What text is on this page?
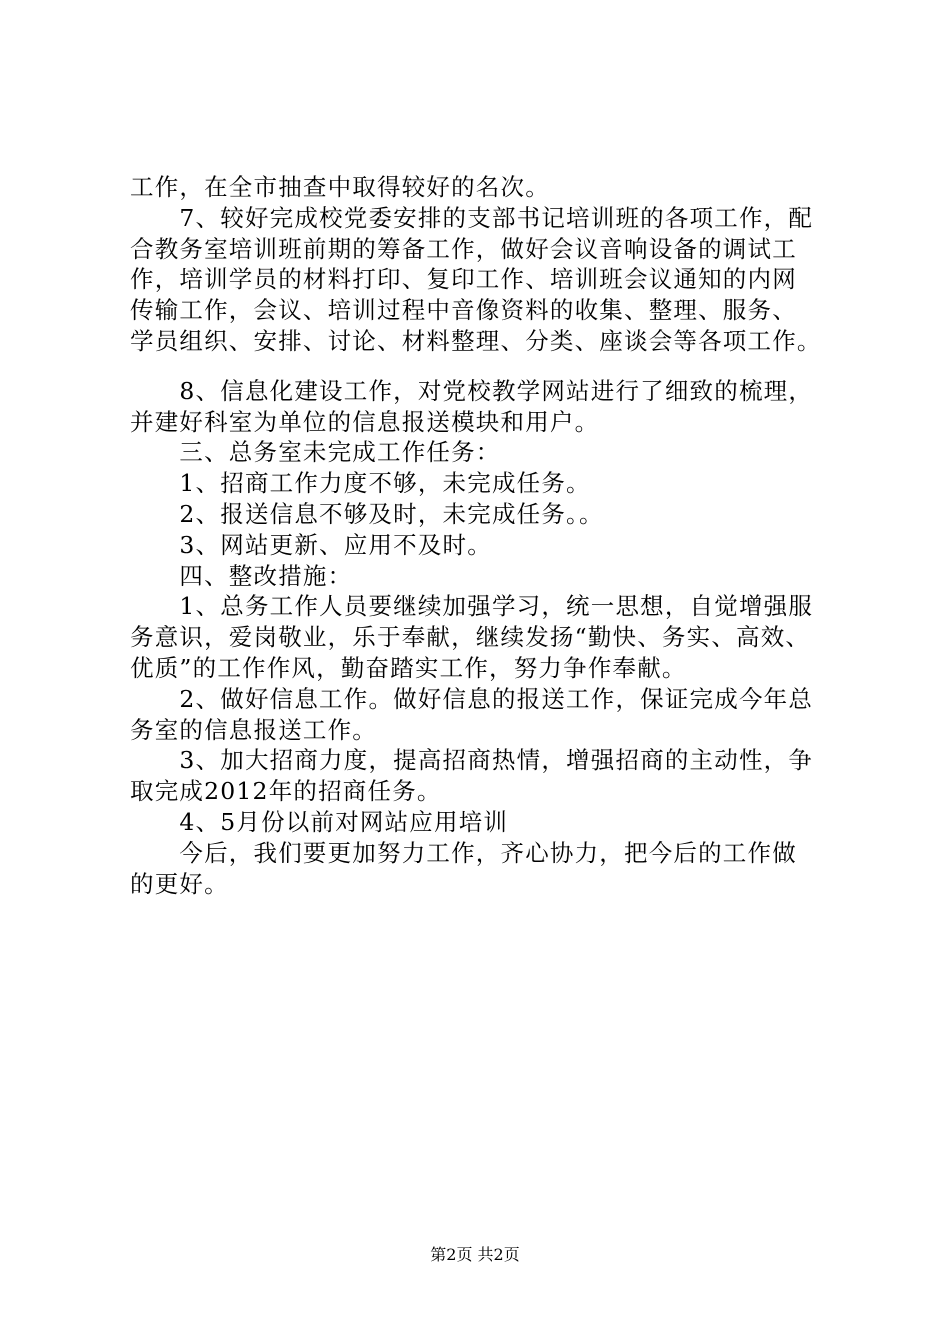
工作，在全市抽查中取得较好的名次。
　　7、较好完成校党委安排的支部书记培训班的各项工作，配
合教务室培训班前期的筹备工作，做好会议音响设备的调试工
作，培训学员的材料打印、复印工作、培训班会议通知的内网
传输工作，会议、培训过程中音像资料的收集、整理、服务、
学员组织、安排、讨论、材料整理、分类、座谈会等各项工作。
　　8、信息化建设工作，对党校教学网站进行了细致的梳理，
并建好科室为单位的信息报送模块和用户。
　　三、总务室未完成工作任务：
　　1、招商工作力度不够，未完成任务。
　　2、报送信息不够及时，未完成任务。。
　　3、网站更新、应用不及时。
　　四、整改措施：
　　1、总务工作人员要继续加强学习，统一思想，自觉增强服
务意识，爱岗敬业，乐于奉献，继续发扬“勤快、务实、高效、
优质”的工作作风，勤奋踏实工作，努力争作奉献。
　　2、做好信息工作。做好信息的报送工作，保证完成今年总
务室的信息报送工作。
　　3、加大招商力度，提高招商热情，增强招商的主动性，争
取完成2012年的招商任务。
　　4、5月份以前对网站应用培训
　　今后，我们要更加努力工作，齐心协力，把今后的工作做
的更好。
第2页 共2页
